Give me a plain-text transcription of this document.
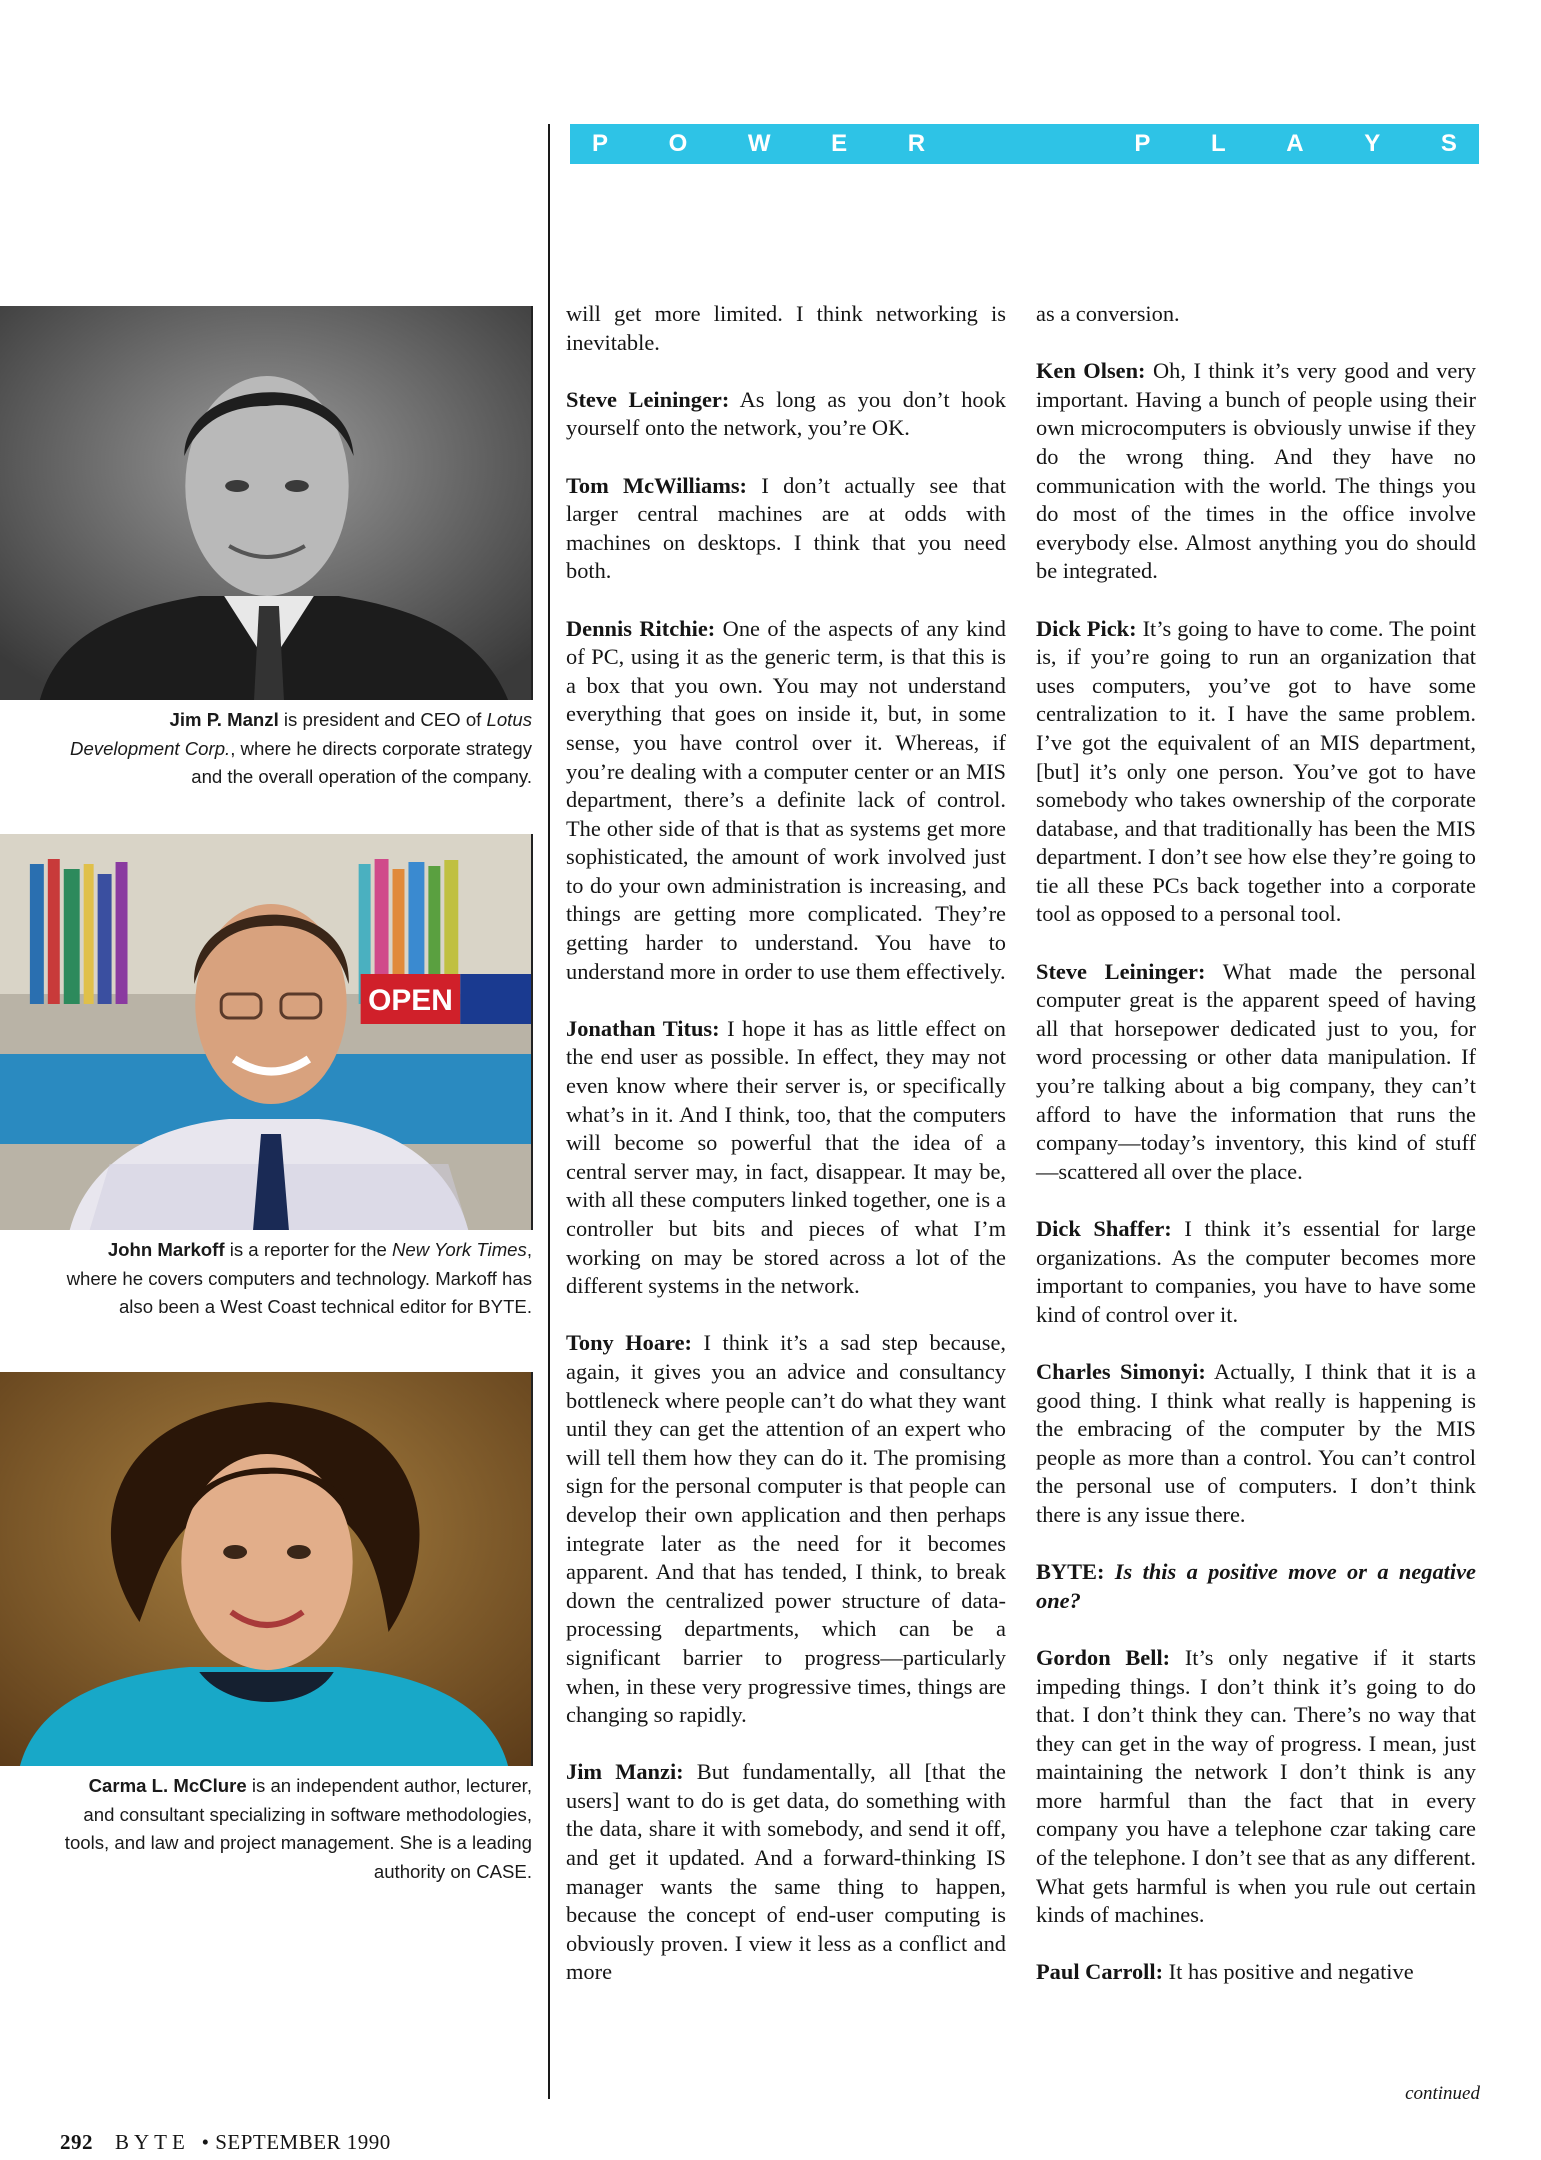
P	O	W	E	R	P	L	A	Y	S
Jim P. Manzl is president and CEO of Lotus Development Corp., where he directs corporate strategy and the overall operation of the company.
OPEN
John Markoff is a reporter for the New York Times, where he covers computers and technology. Markoff has also been a West Coast technical editor for BYTE.
Carma L. McClure is an independent author, lecturer, and consultant specializing in software methodologies, tools, and law and project management. She is a leading authority on CASE.

will get more limited. I think networking is inevitable.

Steve Leininger: As long as you don’t hook yourself onto the network, you’re OK.

Tom McWilliams: I don’t actually see that larger central machines are at odds with machines on desktops. I think that you need both.

Dennis Ritchie: One of the aspects of any kind of PC, using it as the generic term, is that this is a box that you own. You may not understand everything that goes on inside it, but, in some sense, you have control over it. Whereas, if you’re dealing with a computer center or an MIS department, there’s a definite lack of control. The other side of that is that as systems get more sophisticated, the amount of work involved just to do your own administration is increasing, and things are getting more complicated. They’re getting harder to understand. You have to understand more in order to use them effectively.

Jonathan Titus: I hope it has as little effect on the end user as possible. In effect, they may not even know where their server is, or specifically what’s in it. And I think, too, that the computers will become so powerful that the idea of a central server may, in fact, disappear. It may be, with all these computers linked together, one is a controller but bits and pieces of what I’m working on may be stored across a lot of the different systems in the network.

Tony Hoare: I think it’s a sad step because, again, it gives you an advice and consultancy bottleneck where people can’t do what they want until they can get the attention of an expert who will tell them how they can do it. The promising sign for the personal computer is that people can develop their own application and then perhaps integrate later as the need for it becomes apparent. And that has tended, I think, to break down the centralized power structure of data-processing departments, which can be a significant barrier to progress—particularly when, in these very progressive times, things are changing so rapidly.

Jim Manzi: But fundamentally, all [that the users] want to do is get data, do something with the data, share it with somebody, and send it off, and get it updated. And a forward-thinking IS manager wants the same thing to happen, because the concept of end-user computing is obviously proven. I view it less as a conflict and more

as a conversion.

Ken Olsen: Oh, I think it’s very good and very important. Having a bunch of people using their own microcomputers is obviously unwise if they do the wrong thing. And they have no communication with the world. The things you do most of the times in the office involve everybody else. Almost anything you do should be integrated.

Dick Pick: It’s going to have to come. The point is, if you’re going to run an organization that uses computers, you’ve got to have some centralization to it. I have the same problem. I’ve got the equivalent of an MIS department, [but] it’s only one person. You’ve got to have somebody who takes ownership of the corporate database, and that traditionally has been the MIS department. I don’t see how else they’re going to tie all these PCs back together into a corporate tool as opposed to a personal tool.

Steve Leininger: What made the personal computer great is the apparent speed of having all that horsepower dedicated just to you, for word processing or other data manipulation. If you’re talking about a big company, they can’t afford to have the information that runs the company—today’s inventory, this kind of stuff—scattered all over the place.

Dick Shaffer: I think it’s essential for large organizations. As the computer becomes more important to companies, you have to have some kind of control over it.

Charles Simonyi: Actually, I think that it is a good thing. I think what really is happening is the embracing of the computer by the MIS people as more than a control. You can’t control the personal use of computers. I don’t think there is any issue there.

BYTE: Is this a positive move or a negative one?

Gordon Bell: It’s only negative if it starts impeding things. I don’t think it’s going to do that. I don’t think they can. There’s no way that they can get in the way of progress. I mean, just maintaining the network I don’t think is any more harmful than the fact that in every company you have a telephone czar taking care of the telephone. I don’t see that as any different. What gets harmful is when you rule out certain kinds of machines.

Paul Carroll: It has positive and negative

continued
292 BYTE • SEPTEMBER 1990
